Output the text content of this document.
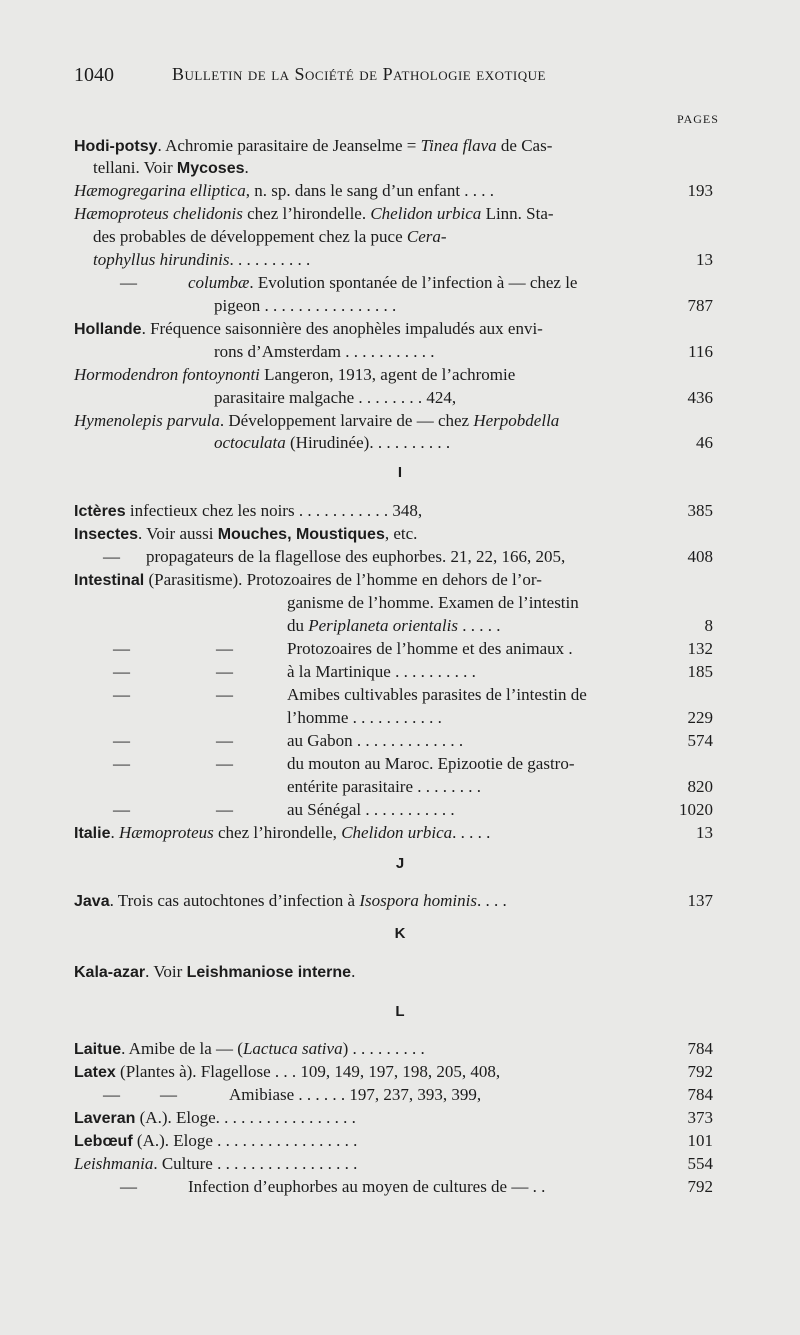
1040	Bulletin de la Société de Pathologie exotique
PAGES
Hodi-potsy. Achromie parasitaire de Jeanselme = Tinea flava de Cas-
tellani. Voir Mycoses.
Hæmogregarina elliptica, n. sp. dans le sang d’un enfant . . . .	193
Hæmoproteus chelidonis chez l’hirondelle. Chelidon urbica Linn. Sta-
des probables de développement chez la puce Cera-
tophyllus hirundinis. . . . . . . . . .	13
—	columbæ. Evolution spontanée de l’infection à — chez le
pigeon . . . . . . . . . . . . . . . .	787
Hollande. Fréquence saisonnière des anophèles impaludés aux envi-
rons d’Amsterdam . . . . . . . . . . .	116
Hormodendron fontoynonti Langeron, 1913, agent de l’achromie
parasitaire malgache . . . . . . . . 424,	436
Hymenolepis parvula. Développement larvaire de — chez Herpobdella
octoculata (Hirudinée). . . . . . . . . .	46
I
Ictères infectieux chez les noirs . . . . . . . . . . . 348,	385
Insectes. Voir aussi Mouches, Moustiques, etc.
— propagateurs de la flagellose des euphorbes. 21, 22, 166, 205,	408
Intestinal (Parasitisme). Protozoaires de l’homme en dehors de l’or-
ganisme de l’homme. Examen de l’intestin
du Periplaneta orientalis . . . . .	8
—	—	Protozoaires de l’homme et des animaux .	132
—	—	à la Martinique . . . . . . . . . .	185
—	—	Amibes cultivables parasites de l’intestin de
l’homme . . . . . . . . . . .	229
—	—	au Gabon . . . . . . . . . . . . .	574
—	—	du mouton au Maroc. Epizootie de gastro-
entérite parasitaire . . . . . . . .	820
—	—	au Sénégal . . . . . . . . . . .	1020
Italie. Hæmoproteus chez l’hirondelle, Chelidon urbica. . . . .	13
J
Java. Trois cas autochtones d’infection à Isospora hominis. . . .	137
K
Kala-azar. Voir Leishmaniose interne.
L
Laitue. Amibe de la — (Lactuca sativa) . . . . . . . . .	784
Latex (Plantes à). Flagellose . . . 109, 149, 197, 198, 205, 408,	792
— —	Amibiase . . . . . . 197, 237, 393, 399,	784
Laveran (A.). Eloge. . . . . . . . . . . . . . . . .	373
Lebœuf (A.). Eloge . . . . . . . . . . . . . . . . .	101
Leishmania. Culture . . . . . . . . . . . . . . . . .	554
—	Infection d’euphorbes au moyen de cultures de — . .	792
